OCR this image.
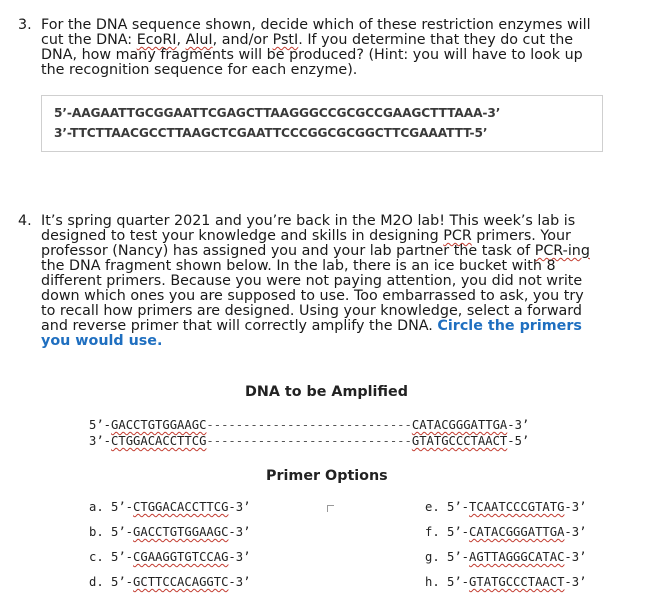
3. For the DNA sequence shown, decide which of these restriction enzymes will
cut the DNA: EcoRI, AluI, and/or PstI. If you determine that they do cut the
DNA, how many fragments will be produced? (Hint: you will have to look up
the recognition sequence for each enzyme).
5’-AAGAATTGCGGAATTCGAGCTTAAGGGCCGCGCCGAAGCTTTAAA-3’
3’-TTCTTAACGCCTTAAGCTCGAATTCCCGGCGCGGCTTCGAAATTT-5’
4. It’s spring quarter 2021 and you’re back in the M2O lab! This week’s lab is
designed to test your knowledge and skills in designing PCR primers. Your
professor (Nancy) has assigned you and your lab partner the task of PCR-ing
the DNA fragment shown below. In the lab, there is an ice bucket with 8
different primers. Because you were not paying attention, you did not write
down which ones you are supposed to use. Too embarrassed to ask, you try
to recall how primers are designed. Using your knowledge, select a forward
and reverse primer that will correctly amplify the DNA. Circle the primers
you would use.
DNA to be Amplified
5’-GACCTGTGGAAGC----------------------------CATACGGGATTGA-3’
3’-CTGGACACCTTCG----------------------------GTATGCCCTAACT-5’
Primer Options
a. 5’-CTGGACACCTTCG-3’
b. 5’-GACCTGTGGAAGC-3’
c. 5’-CGAAGGTGTCCAG-3’
d. 5’-GCTTCCACAGGTC-3’
e. 5’-TCAATCCCGTATG-3’
f. 5’-CATACGGGATTGA-3’
g. 5’-AGTTAGGGCATAC-3’
h. 5’-GTATGCCCTAACT-3’
